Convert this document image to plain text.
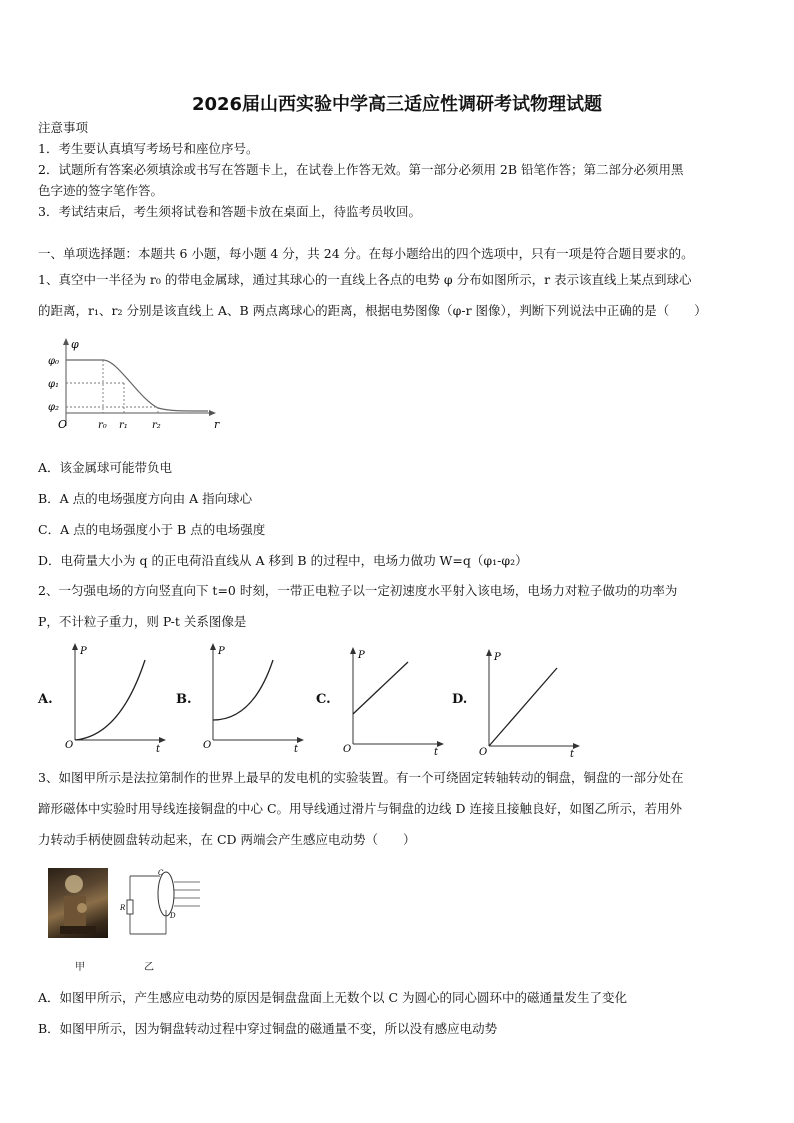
2026届山西实验中学高三适应性调研考试物理试题
注意事项
1．考生要认真填写考场号和座位序号。
2．试题所有答案必须填涂或书写在答题卡上，在试卷上作答无效。第一部分必须用 2B 铅笔作答；第二部分必须用黑
色字迹的签字笔作答。
3．考试结束后，考生须将试卷和答题卡放在桌面上，待监考员收回。
一、单项选择题：本题共 6 小题，每小题 4 分，共 24 分。在每小题给出的四个选项中，只有一项是符合题目要求的。
1、真空中一半径为 r₀ 的带电金属球，通过其球心的一直线上各点的电势 φ 分布如图所示，r 表示该直线上某点到球心
的距离，r₁、r₂ 分别是该直线上 A、B 两点离球心的距离，根据电势图像（φ-r 图像），判断下列说法中正确的是（　　）
φ
r
O
φ₀
φ₁
φ₂
r₀ r₁ r₂
A．该金属球可能带负电
B．A 点的电场强度方向由 A 指向球心
C．A 点的电场强度小于 B 点的电场强度
D．电荷量大小为 q 的正电荷沿直线从 A 移到 B 的过程中，电场力做功 W=q（φ₁-φ₂）
2、一匀强电场的方向竖直向下 t=0 时刻，一带正电粒子以一定初速度水平射入该电场，电场力对粒子做功的功率为
P，不计粒子重力，则 P-t 关系图像是
A.
P
t
O
B.
P
t
O
C.
P
t
O
D.
P
t
O
3、如图甲所示是法拉第制作的世界上最早的发电机的实验装置。有一个可绕固定转轴转动的铜盘，铜盘的一部分处在
蹄形磁体中实验时用导线连接铜盘的中心 C。用导线通过滑片与铜盘的边线 D 连接且接触良好，如图乙所示，若用外
力转动手柄使圆盘转动起来，在 CD 两端会产生感应电动势（　　）
R
C
D
甲	乙
A．如图甲所示，产生感应电动势的原因是铜盘盘面上无数个以 C 为圆心的同心圆环中的磁通量发生了变化
B．如图甲所示，因为铜盘转动过程中穿过铜盘的磁通量不变，所以没有感应电动势
